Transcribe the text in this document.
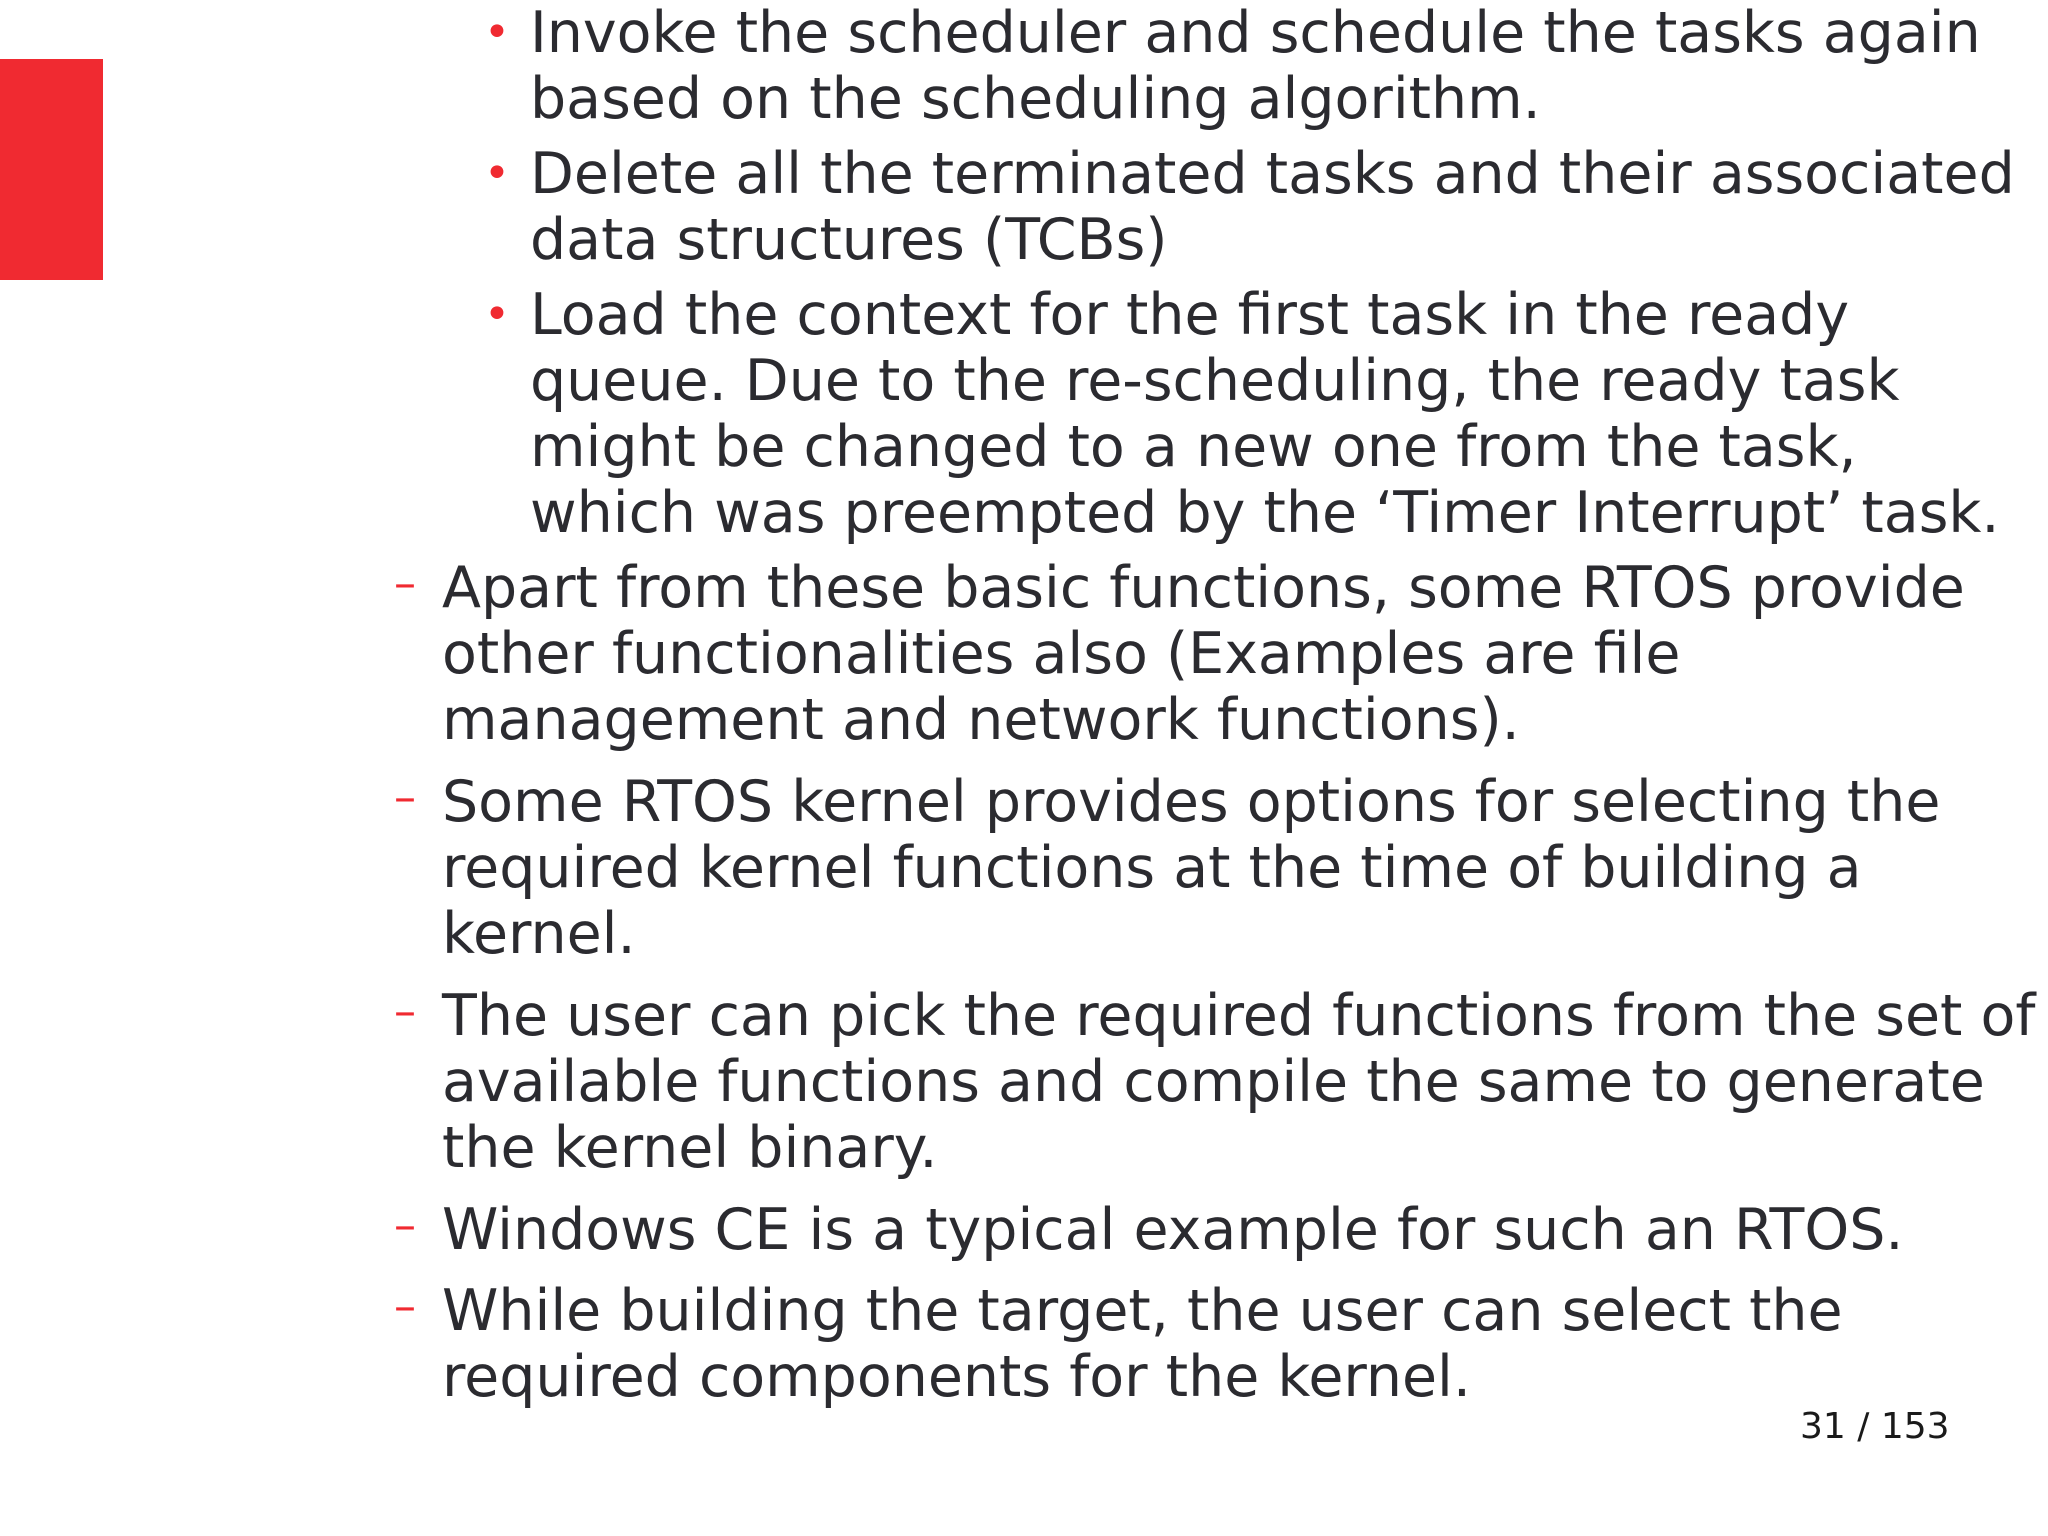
• Invoke the scheduler and schedule the tasks again based on the scheduling algorithm.
• Delete all the terminated tasks and their associated data structures (TCBs)
• Load the context for the first task in the ready queue. Due to the re-scheduling, the ready task might be changed to a new one from the task, which was preempted by the ‘Timer Interrupt’ task.
– Apart from these basic functions, some RTOS provide other functionalities also (Examples are file management and network functions).
– Some RTOS kernel provides options for selecting the required kernel functions at the time of building a kernel.
– The user can pick the required functions from the set of available functions and compile the same to generate the kernel binary.
– Windows CE is a typical example for such an RTOS.
– While building the target, the user can select the required components for the kernel.
31 / 153
